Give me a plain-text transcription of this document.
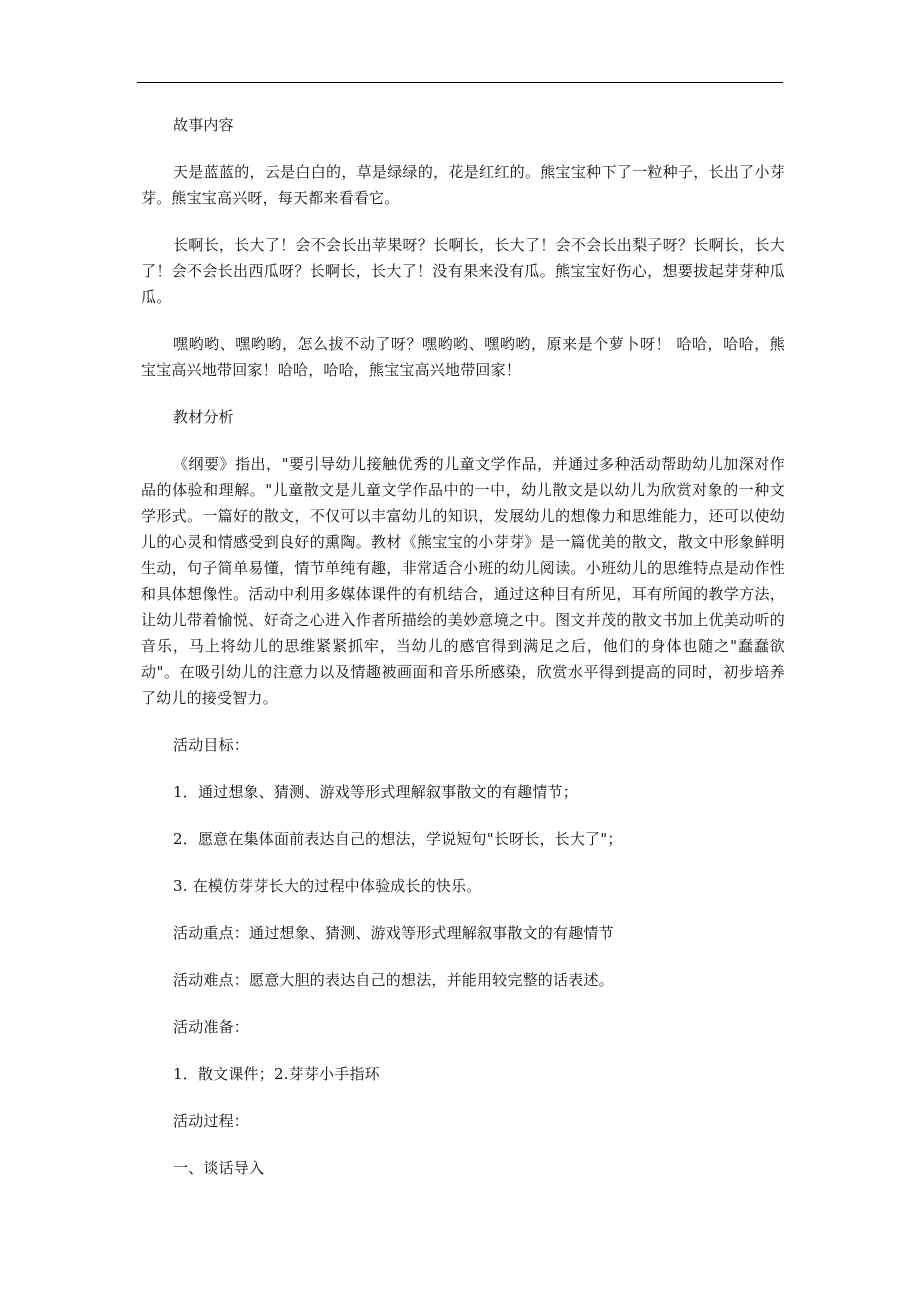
故事内容

天是蓝蓝的，云是白白的，草是绿绿的，花是红红的。熊宝宝种下了一粒种子，长出了小芽芽。熊宝宝高兴呀，每天都来看看它。

长啊长，长大了！会不会长出苹果呀？长啊长，长大了！会不会长出梨子呀？长啊长，长大了！会不会长出西瓜呀？长啊长，长大了！没有果来没有瓜。熊宝宝好伤心，想要拔起芽芽种瓜瓜。

嘿哟哟、嘿哟哟，怎么拔不动了呀？嘿哟哟、嘿哟哟，原来是个萝卜呀！ 哈哈，哈哈，熊宝宝高兴地带回家！哈哈，哈哈，熊宝宝高兴地带回家！

教材分析

《纲要》指出，"要引导幼儿接触优秀的儿童文学作品，并通过多种活动帮助幼儿加深对作品的体验和理解。"儿童散文是儿童文学作品中的一中，幼儿散文是以幼儿为欣赏对象的一种文学形式。一篇好的散文，不仅可以丰富幼儿的知识，发展幼儿的想像力和思维能力，还可以使幼儿的心灵和情感受到良好的熏陶。教材《熊宝宝的小芽芽》是一篇优美的散文，散文中形象鲜明生动，句子简单易懂，情节单纯有趣，非常适合小班的幼儿阅读。小班幼儿的思维特点是动作性和具体想像性。活动中利用多媒体课件的有机结合，通过这种目有所见，耳有所闻的教学方法，让幼儿带着愉悦、好奇之心进入作者所描绘的美妙意境之中。图文并茂的散文书加上优美动听的音乐，马上将幼儿的思维紧紧抓牢，当幼儿的感官得到满足之后，他们的身体也随之"蠢蠢欲动"。在吸引幼儿的注意力以及情趣被画面和音乐所感染，欣赏水平得到提高的同时，初步培养了幼儿的接受智力。

活动目标：

1．通过想象、猜测、游戏等形式理解叙事散文的有趣情节；

2．愿意在集体面前表达自己的想法，学说短句"长呀长，长大了"；

3. 在模仿芽芽长大的过程中体验成长的快乐。

活动重点：通过想象、猜测、游戏等形式理解叙事散文的有趣情节

活动难点：愿意大胆的表达自己的想法，并能用较完整的话表述。

活动准备：

1．散文课件；2.芽芽小手指环

活动过程：

一、谈话导入
